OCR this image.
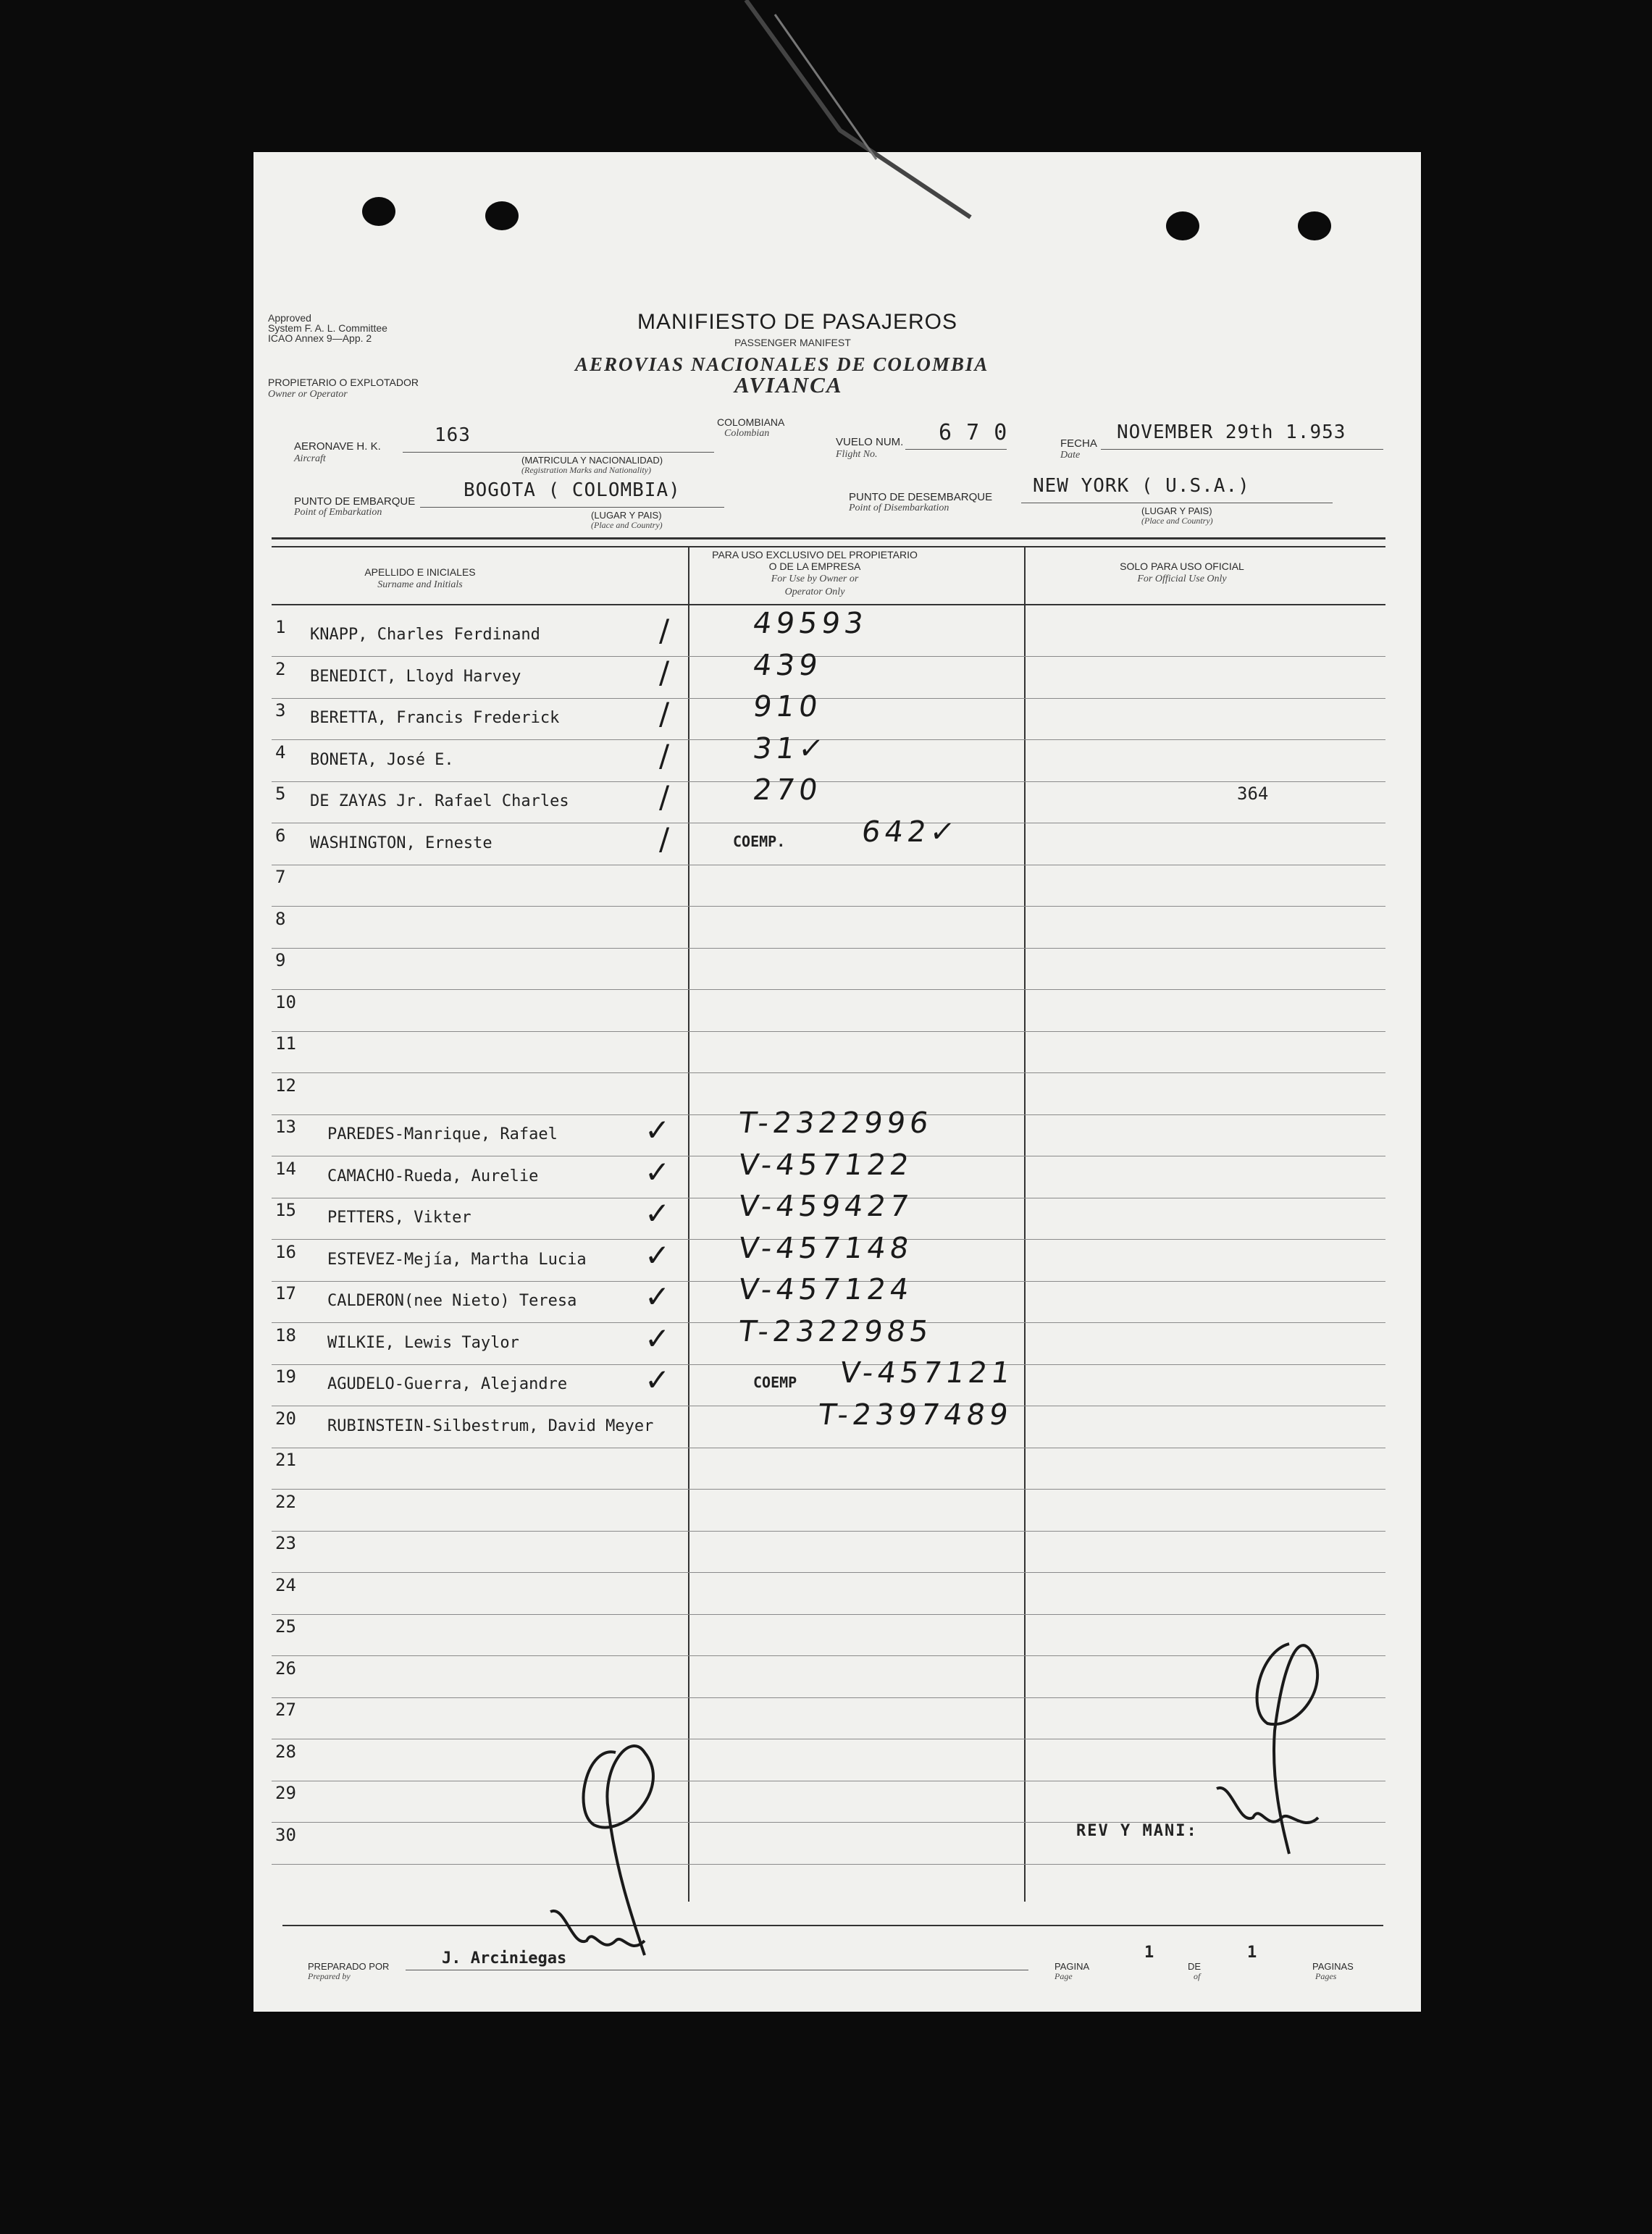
Approved
System F. A. L. Committee
ICAO Annex 9—App. 2
PROPIETARIO O EXPLOTADOR
Owner or Operator
MANIFIESTO DE PASAJEROS
PASSENGER MANIFEST
AEROVIAS NACIONALES DE COLOMBIA
AVIANCA
AERONAVE H. K.
Aircraft
163
(MATRICULA Y NACIONALIDAD)
(Registration Marks and Nationality)
COLOMBIANA
Colombian
VUELO NUM.
Flight No.
6 7 0	FECHA
Date
NOVEMBER 29th 1.953
PUNTO DE EMBARQUE
Point of Embarkation
BOGOTA ( COLOMBIA)
(LUGAR Y PAIS)
(Place and Country)
PUNTO DE DESEMBARQUE
Point of Disembarkation
NEW YORK ( U.S.A.)
(LUGAR Y PAIS)
(Place and Country)
APELLIDO E INICIALES
Surname and Initials
PARA USO EXCLUSIVO DEL PROPIETARIO
O DE LA EMPRESA
For Use by Owner or
Operator Only
SOLO PARA USO OFICIAL
For Official Use Only
1 KNAPP, Charles Ferdinand	/	49593
2 BENEDICT, Lloyd Harvey	/	439
3 BERETTA, Francis Frederick	/	910
4 BONETA, José E.	/	31✓
5 DE ZAYAS Jr. Rafael Charles	/	270	364
6 WASHINGTON, Erneste	/	642✓
COEMP.
7
8
9
10
11
12
13 PAREDES-Manrique, Rafael	✓ T-2322996
14 CAMACHO-Rueda, Aurelie	✓ V-457122
15 PETTERS, Vikter	✓ V-459427
16 ESTEVEZ-Mejía, Martha Lucia ✓ V-457148
17 CALDERON(nee Nieto) Teresa ✓ V-457124
18 WILKIE, Lewis Taylor	✓ T-2322985
19 AGUDELO-Guerra, Alejandre	✓	V-457121
COEMP
20 RUBINSTEIN-Silbestrum, David Meyer	T-2397489
21
22
23
24
25
26
27
28
29
30
PREPARADO POR
Prepared by
J. Arciniegas	PAGINA
Page
1
DE
of
1
PAGINAS
Pages
REV Y MANI:
